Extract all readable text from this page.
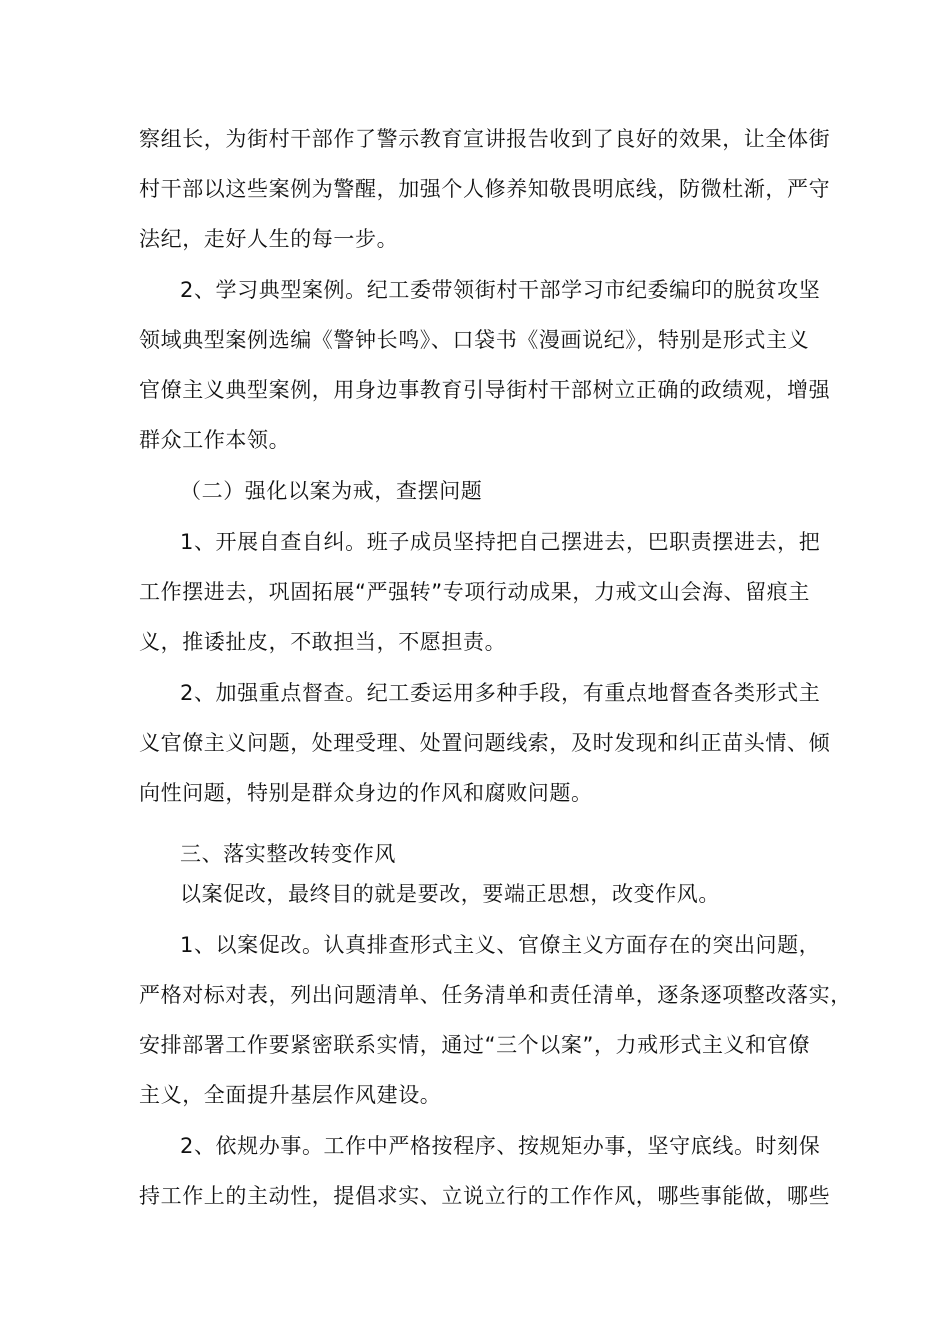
察组长，为街村干部作了警示教育宣讲报告收到了良好的效果，让全体街
村干部以这些案例为警醒，加强个人修养知敬畏明底线，防微杜渐，严守
法纪，走好人生的每一步。
2、学习典型案例。纪工委带领街村干部学习市纪委编印的脱贫攻坚
领域典型案例选编《警钟长鸣》、口袋书《漫画说纪》，特别是形式主义
官僚主义典型案例，用身边事教育引导街村干部树立正确的政绩观，增强
群众工作本领。
（二）强化以案为戒，查摆问题
1、开展自查自纠。班子成员坚持把自己摆进去，巴职责摆进去，把
工作摆进去，巩固拓展“严强转”专项行动成果，力戒文山会海、留痕主
义，推诿扯皮，不敢担当，不愿担责。
2、加强重点督查。纪工委运用多种手段，有重点地督查各类形式主
义官僚主义问题，处理受理、处置问题线索，及时发现和纠正苗头情、倾
向性问题，特别是群众身边的作风和腐败问题。
三、落实整改转变作风
以案促改，最终目的就是要改，要端正思想，改变作风。
1、以案促改。认真排查形式主义、官僚主义方面存在的突出问题，
严格对标对表，列出问题清单、任务清单和责任清单，逐条逐项整改落实，
安排部署工作要紧密联系实情，通过“三个以案”，力戒形式主义和官僚
主义，全面提升基层作风建设。
2、依规办事。工作中严格按程序、按规矩办事，坚守底线。时刻保
持工作上的主动性，提倡求实、立说立行的工作作风，哪些事能做，哪些
